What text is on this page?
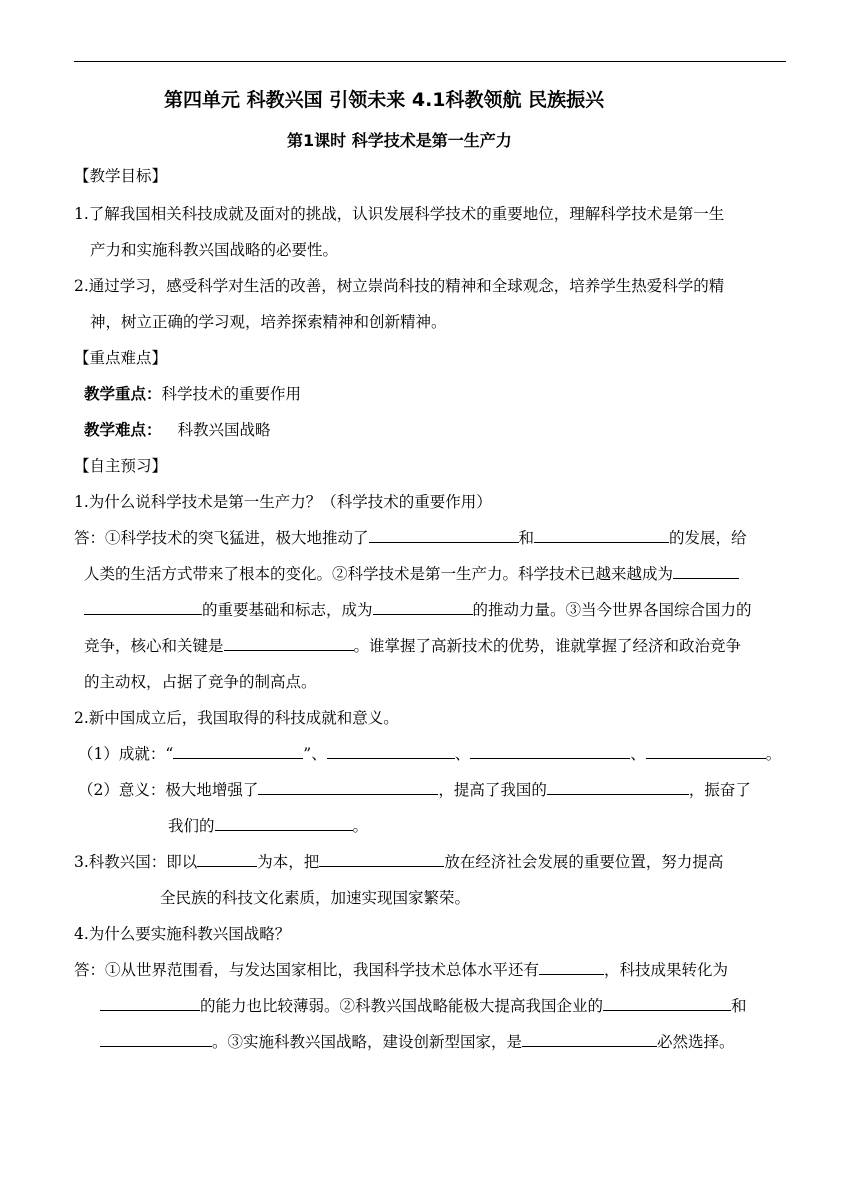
第四单元 科教兴国 引领未来 4.1科教领航 民族振兴
第1课时 科学技术是第一生产力
【教学目标】
1.了解我国相关科技成就及面对的挑战，认识发展科学技术的重要地位，理解科学技术是第一生
产力和实施科教兴国战略的必要性。
2.通过学习，感受科学对生活的改善，树立崇尚科技的精神和全球观念，培养学生热爱科学的精
神，树立正确的学习观，培养探索精神和创新精神。
【重点难点】
教学重点：科学技术的重要作用
教学难点： 科教兴国战略
【自主预习】
1.为什么说科学技术是第一生产力？（科学技术的重要作用）
答：①科学技术的突飞猛进，极大地推动了	和	的发展，给
人类的生活方式带来了根本的变化。②科学技术是第一生产力。科学技术已越来越成为
的重要基础和标志，成为	的推动力量。③当今世界各国综合国力的
竞争，核心和关键是	。谁掌握了高新技术的优势，谁就掌握了经济和政治竞争
的主动权，占据了竞争的制高点。
2.新中国成立后，我国取得的科技成就和意义。
（1）成就：“	”、	、	、	。
（2）意义：极大地增强了	，提高了我国的	，振奋了
我们的	。
3.科教兴国：即以	为本，把	放在经济社会发展的重要位置，努力提高
全民族的科技文化素质，加速实现国家繁荣。
4.为什么要实施科教兴国战略？
答：①从世界范围看，与发达国家相比，我国科学技术总体水平还有	，科技成果转化为
的能力也比较薄弱。②科教兴国战略能极大提高我国企业的	和
。③实施科教兴国战略，建设创新型国家，是	必然选择。
